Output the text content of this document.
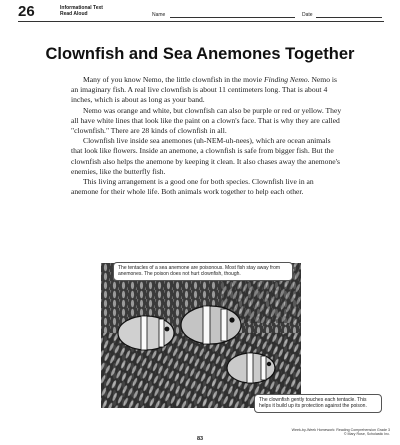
26	Informational Text
Read Aloud	Name	Date
Clownfish and Sea Anemones Together

Many of you know Nemo, the little clownfish in the movie Finding Nemo. Nemo is an imaginary fish. A real live clownfish is about 11 centimeters long. That is about 4 inches, which is about as long as your band.

Nemo was orange and white, but clownfish can also be purple or red or yellow. They all have white lines that look like the paint on a clown's face. That is why they are called "clownfish." There are 28 kinds of clownfish in all.

Clownfish live inside sea anemones (uh-NEM-uh-nees), which are ocean animals that look like flowers. Inside an anemone, a clownfish is safe from bigger fish. But the clownfish also helps the anemone by keeping it clean. It also chases away the anemone's enemies, like the butterfly fish.

This living arrangement is a good one for both species. Clownfish live in an anemone for their whole life. Both animals work together to help each other.

The tentacles of a sea anemone are poisonous. Most fish stay away from anemones. The poison does not hurt clownfish, though.
The clownfish gently touches each tentacle. This helps it build up its protection against the poison.
Week-by-Week Homework: Reading Comprehension Grade 3
© Mary Rose, Scholastic Inc.
83
